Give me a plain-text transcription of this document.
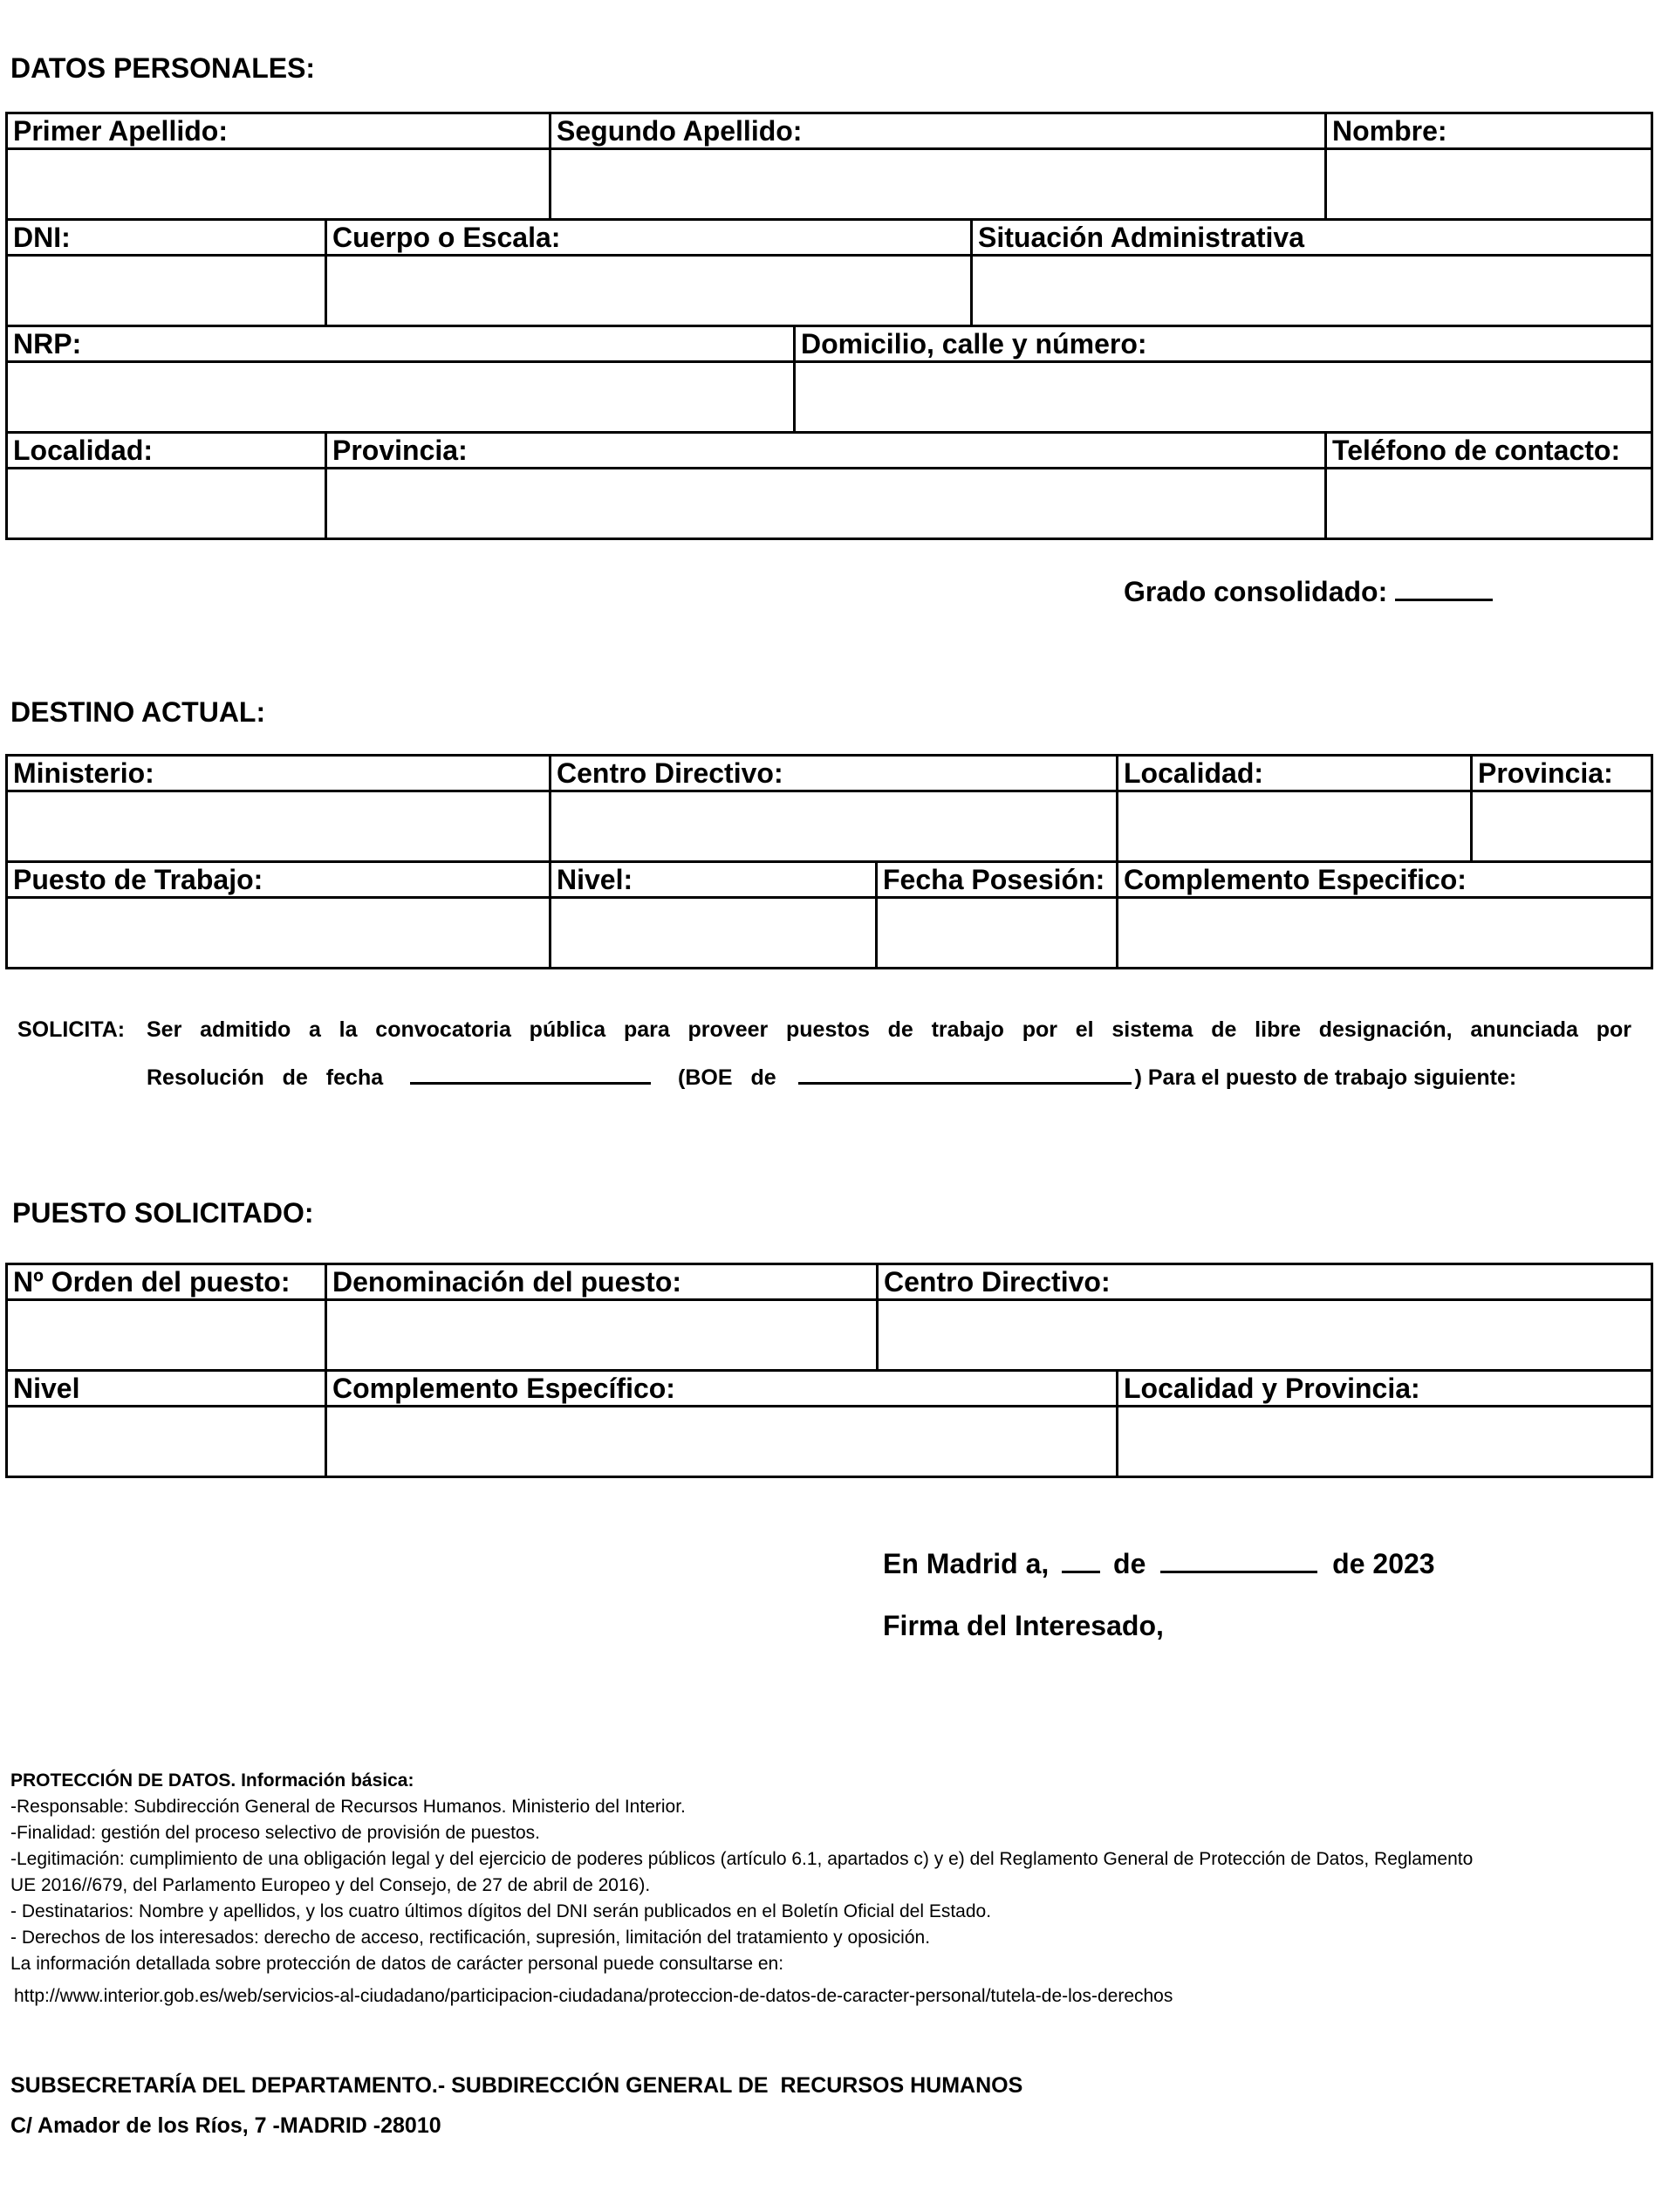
DATOS PERSONALES:
Primer Apellido:		Segundo Apellido:			Nombre:

DNI:	Cuerpo o Escala:			Situación Administrativa	

NRP:			Domicilio, calle y número:		

Localidad:	Provincia:				Teléfono de contacto:

Grado consolidado:
DESTINO ACTUAL:
Ministerio:	Centro Directivo:		Localidad:	Provincia:

Puesto de Trabajo:	Nivel:	Fecha Posesión:	Complemento Especifico:	

SOLICITA: Ser admitido a la convocatoria pública para proveer puestos de trabajo por el sistema de libre designación, anunciada por
Resolución de fecha	(BOE de	) Para el puesto de trabajo siguiente:
PUESTO SOLICITADO:
Nº Orden del puesto:	Denominación del puesto:	Centro Directivo:	

Nivel	Complemento Específico:		Localidad y Provincia:

En Madrid a, de	de 2023
Firma del Interesado,
PROTECCIÓN DE DATOS. Información básica:
-Responsable: Subdirección General de Recursos Humanos. Ministerio del Interior.
-Finalidad: gestión del proceso selectivo de provisión de puestos.
-Legitimación: cumplimiento de una obligación legal y del ejercicio de poderes públicos (artículo 6.1, apartados c) y e) del Reglamento General de Protección de Datos, Reglamento
UE 2016//679, del Parlamento Europeo y del Consejo, de 27 de abril de 2016).
- Destinatarios: Nombre y apellidos, y los cuatro últimos dígitos del DNI serán publicados en el Boletín Oficial del Estado.
- Derechos de los interesados: derecho de acceso, rectificación, supresión, limitación del tratamiento y oposición.
La información detallada sobre protección de datos de carácter personal puede consultarse en:
http://www.interior.gob.es/web/servicios-al-ciudadano/participacion-ciudadana/proteccion-de-datos-de-caracter-personal/tutela-de-los-derechos
SUBSECRETARÍA DEL DEPARTAMENTO.- SUBDIRECCIÓN GENERAL DE  RECURSOS HUMANOS
C/ Amador de los Ríos, 7 -MADRID -28010
